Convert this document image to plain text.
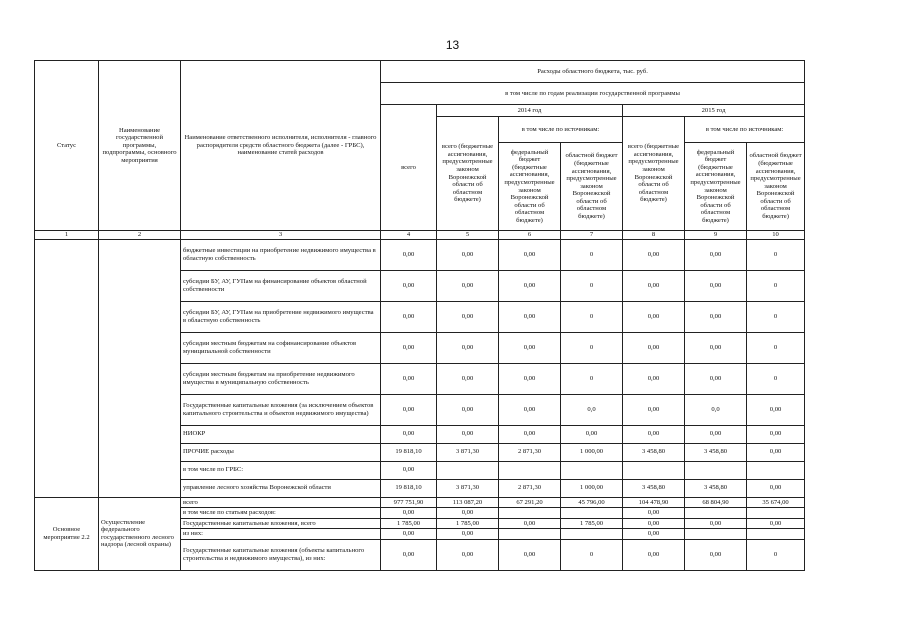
13
Статус	Наименование государственной программы, подпрограммы, основного мероприятия	Наименование ответственного исполнителя, исполнителя - главного распорядителя средств областного бюджета (далее - ГРБС), наименование статей расходов	Расходы областного бюджета, тыс. руб.						
			в том числе по годам реализации государственной программы						
			всего	2014 год			2015 год		
				всего (бюджетные ассигнования, предусмотренные законом Воронежской области об областном бюджете)	в том числе по источникам:		всего (бюджетные ассигнования, предусмотренные законом Воронежской области об областном бюджете)	в том числе по источникам:	
					федеральный бюджет (бюджетные ассигнования, предусмотренные законом Воронежской области об областном бюджете)	областной бюджет (бюджетные ассигнования, предусмотренные законом Воронежской области об областном бюджете)		федеральный бюджет (бюджетные ассигнования, предусмотренные законом Воронежской области об областном бюджете)	областной бюджет (бюджетные ассигнования, предусмотренные законом Воронежской области об областном бюджете)
1	2	3	4	5	6	7	8	9	10
		бюджетные инвестиции на приобретение недвижимого имущества в областную собственность	0,00	0,00	0,00	0	0,00	0,00	0
		субсидии БУ, АУ, ГУПам на финансирование объектов областной собственности	0,00	0,00	0,00	0	0,00	0,00	0
		субсидии БУ, АУ, ГУПам на приобретение недвижимого имущества в областную собственность	0,00	0,00	0,00	0	0,00	0,00	0
		субсидии местным бюджетам на софинансирование объектов муниципальной собственности	0,00	0,00	0,00	0	0,00	0,00	0
		субсидии местным бюджетам на приобретение недвижимого имущества в муниципальную собственность	0,00	0,00	0,00	0	0,00	0,00	0
		Государственные капитальные вложения (за исключением объектов капитального строительства и объектов недвижимого имущества)	0,00	0,00	0,00	0,0	0,00	0,0	0,00
		НИОКР	0,00	0,00	0,00	0,00	0,00	0,00	0,00
		ПРОЧИЕ расходы	19 818,10	3 871,30	2 871,30	1 000,00	3 458,80	3 458,80	0,00
		в том числе по ГРБС:	0,00						
		управление лесного хозяйства Воронежской области	19 818,10	3 871,30	2 871,30	1 000,00	3 458,80	3 458,80	0,00
Основное мероприятие 2.2	Осуществление федерального государственного лесного надзора (лесной охраны)	всего	977 751,90	113 087,20	67 291,20	45 796,00	104 478,90	68 804,90	35 674,00
		в том числе по статьям расходов:	0,00	0,00			0,00		
		Государственные капитальные вложения, всего	1 785,00	1 785,00	0,00	1 785,00	0,00	0,00	0,00
		из них:	0,00	0,00			0,00		
		Государственные капитальные вложения (объекты капитального строительства и недвижимого имущества), из них:	0,00	0,00	0,00	0	0,00	0,00	0
